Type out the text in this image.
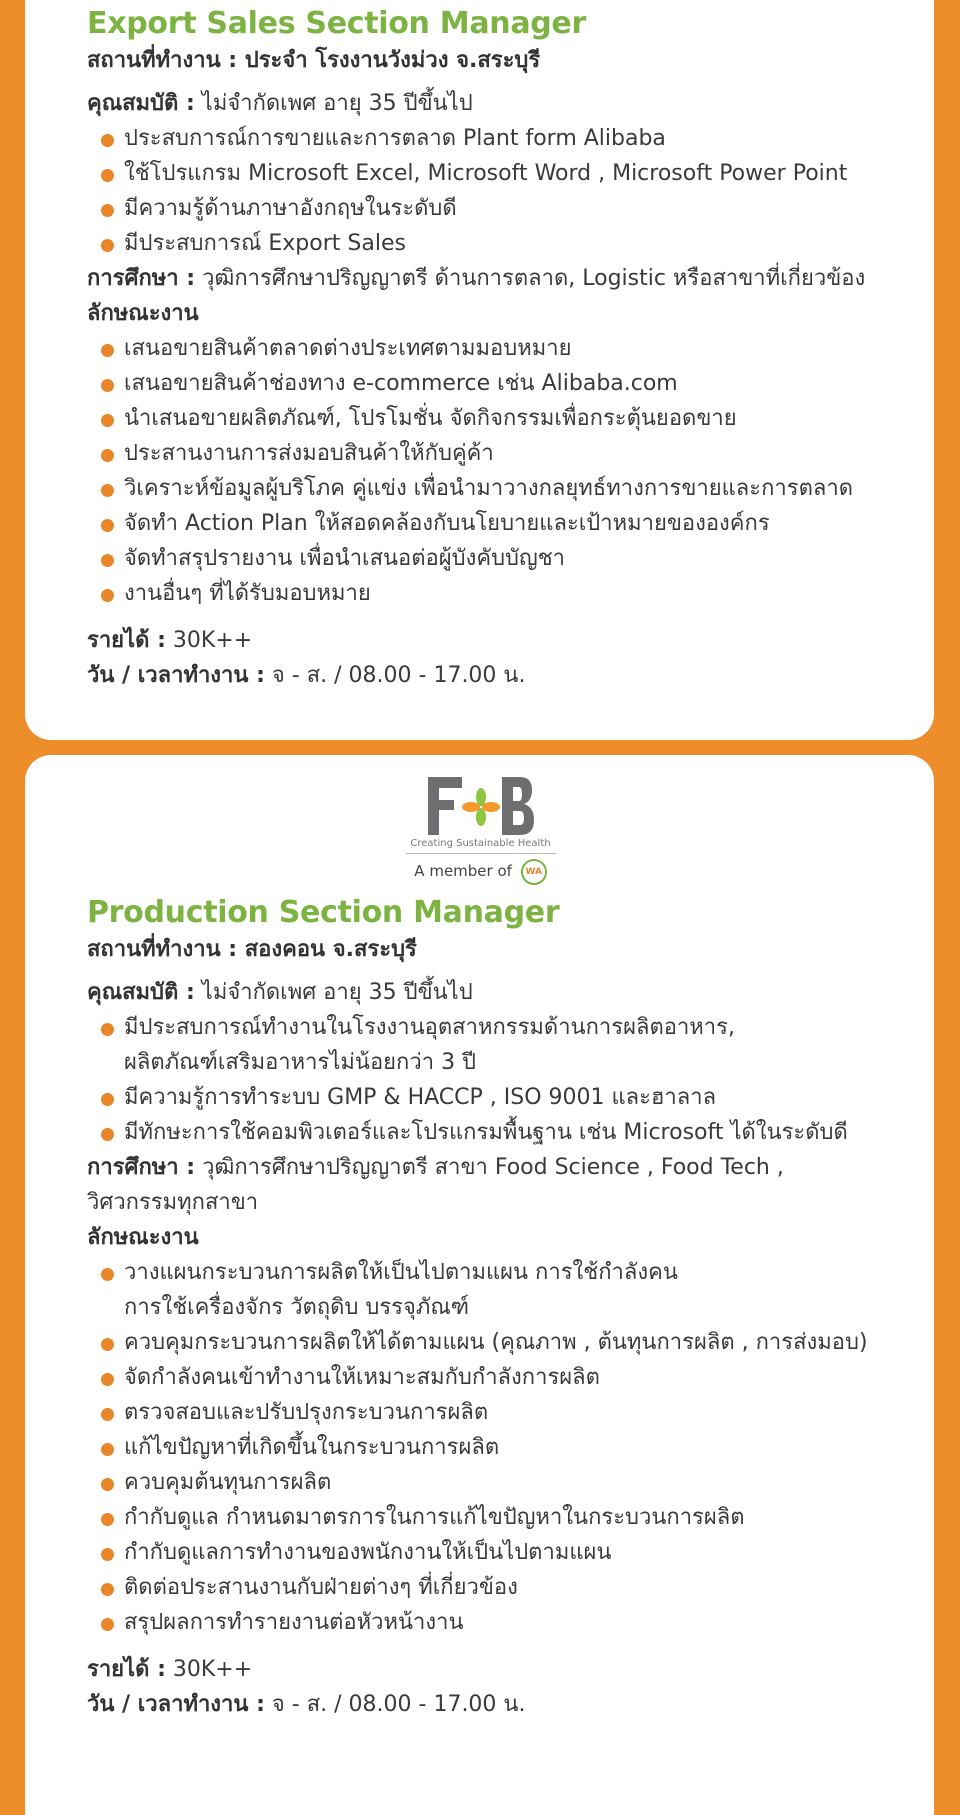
Export Sales Section Manager
สถานที่ทำงาน : ประจำ โรงงานวังม่วง จ.สระบุรี
คุณสมบัติ : ไม่จำกัดเพศ อายุ 35 ปีขึ้นไป
ประสบการณ์การขายและการตลาด Plant form Alibaba
ใช้โปรแกรม Microsoft Excel, Microsoft Word , Microsoft Power Point
มีความรู้ด้านภาษาอังกฤษในระดับดี
มีประสบการณ์ Export Sales
การศึกษา : วุฒิการศึกษาปริญญาตรี ด้านการตลาด, Logistic หรือสาขาที่เกี่ยวข้อง
ลักษณะงาน
เสนอขายสินค้าตลาดต่างประเทศตามมอบหมาย
เสนอขายสินค้าช่องทาง e-commerce เช่น Alibaba.com
นำเสนอขายผลิตภัณฑ์, โปรโมชั่น จัดกิจกรรมเพื่อกระตุ้นยอดขาย
ประสานงานการส่งมอบสินค้าให้กับคู่ค้า
วิเคราะห์ข้อมูลผู้บริโภค คู่แข่ง เพื่อนำมาวางกลยุทธ์ทางการขายและการตลาด
จัดทำ Action Plan ให้สอดคล้องกับนโยบายและเป้าหมายขององค์กร
จัดทำสรุปรายงาน เพื่อนำเสนอต่อผู้บังคับบัญชา
งานอื่นๆ ที่ได้รับมอบหมาย
รายได้ : 30K++
วัน / เวลาทำงาน : จ - ส. / 08.00 - 17.00 น.
Creating Sustainable Health
A member of WA
Production Section Manager
สถานที่ทำงาน : สองคอน จ.สระบุรี
คุณสมบัติ : ไม่จำกัดเพศ อายุ 35 ปีขึ้นไป
มีประสบการณ์ทำงานในโรงงานอุตสาหกรรมด้านการผลิตอาหาร, ผลิตภัณฑ์เสริมอาหารไม่น้อยกว่า 3 ปี
มีความรู้การทำระบบ GMP & HACCP , ISO 9001 และฮาลาล
มีทักษะการใช้คอมพิวเตอร์และโปรแกรมพื้นฐาน เช่น Microsoft ได้ในระดับดี
การศึกษา : วุฒิการศึกษาปริญญาตรี สาขา Food Science , Food Tech , วิศวกรรมทุกสาขา
ลักษณะงาน
วางแผนกระบวนการผลิตให้เป็นไปตามแผน การใช้กำลังคน การใช้เครื่องจักร วัตถุดิบ บรรจุภัณฑ์
ควบคุมกระบวนการผลิตให้ได้ตามแผน (คุณภาพ , ต้นทุนการผลิต , การส่งมอบ)
จัดกำลังคนเข้าทำงานให้เหมาะสมกับกำลังการผลิต
ตรวจสอบและปรับปรุงกระบวนการผลิต
แก้ไขปัญหาที่เกิดขึ้นในกระบวนการผลิต
ควบคุมต้นทุนการผลิต
กำกับดูแล กำหนดมาตรการในการแก้ไขปัญหาในกระบวนการผลิต
กำกับดูแลการทำงานของพนักงานให้เป็นไปตามแผน
ติดต่อประสานงานกับฝ่ายต่างๆ ที่เกี่ยวข้อง
สรุปผลการทำรายงานต่อหัวหน้างาน
รายได้ : 30K++
วัน / เวลาทำงาน : จ - ส. / 08.00 - 17.00 น.
